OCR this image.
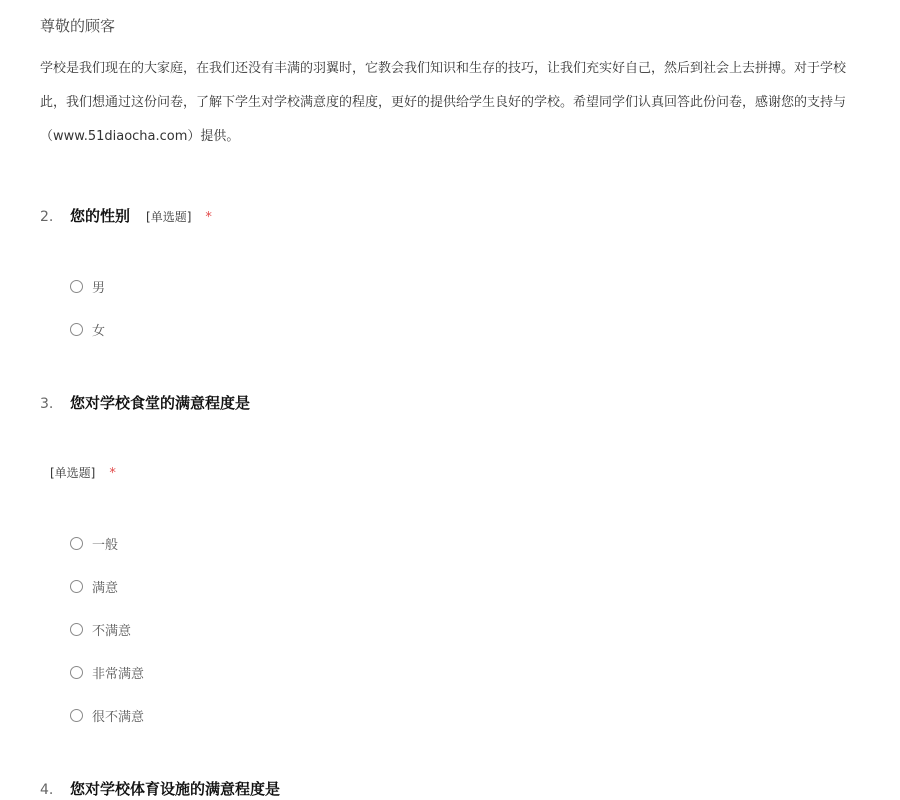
尊敬的顾客

学校是我们现在的大家庭，在我们还没有丰满的羽翼时，它教会我们知识和生存的技巧，让我们充实好自己，然后到社会上去拼搏。对于学校

此，我们想通过这份问卷，了解下学生对学校满意度的程度，更好的提供给学生良好的学校。希望同学们认真回答此份问卷，感谢您的支持与

（www.51diaocha.com）提供。

2.	您的性别 [单选题] *
男
女
3.	您对学校食堂的满意程度是
[单选题] *
一般
满意
不满意
非常满意
很不满意
4.	您对学校体育设施的满意程度是
